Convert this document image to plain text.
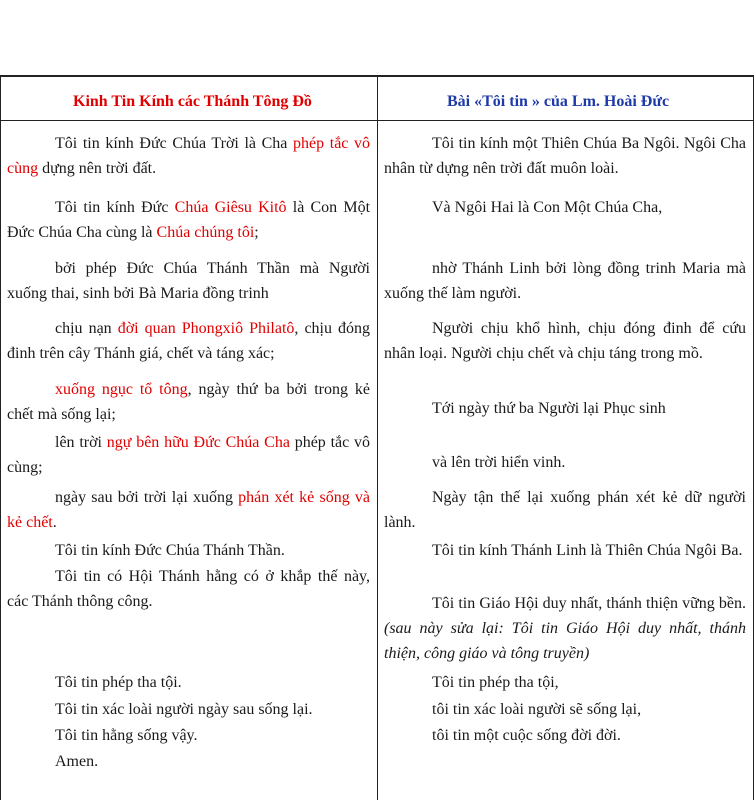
Kinh Tin Kính các Thánh Tông Đồ	Bài «Tôi tin » của Lm. Hoài Đức

Tôi tin kính Đức Chúa Trời là Cha phép tắc vô cùng dựng nên trời đất.

Tôi tin kính Đức Chúa Giêsu Kitô là Con Một Đức Chúa Cha cùng là Chúa chúng tôi;

bởi phép Đức Chúa Thánh Thần mà Người xuống thai, sinh bởi Bà Maria đồng trinh

chịu nạn đời quan Phongxiô Philatô, chịu đóng đinh trên cây Thánh giá, chết và táng xác;

xuống ngục tổ tông, ngày thứ ba bởi trong kẻ chết mà sống lại;

lên trời ngự bên hữu Đức Chúa Cha phép tắc vô cùng;

ngày sau bởi trời lại xuống phán xét kẻ sống và kẻ chết.

Tôi tin kính Đức Chúa Thánh Thần.

Tôi tin có Hội Thánh hằng có ở khắp thế này, các Thánh thông công.

Tôi tin phép tha tội.

Tôi tin xác loài người ngày sau sống lại.

Tôi tin hằng sống vậy.

Amen.

Tôi tin kính một Thiên Chúa Ba Ngôi. Ngôi Cha nhân từ dựng nên trời đất muôn loài.

Và Ngôi Hai là Con Một Chúa Cha,

nhờ Thánh Linh bởi lòng đồng trinh Maria mà xuống thế làm người.

Người chịu khổ hình, chịu đóng đinh để cứu nhân loại. Người chịu chết và chịu táng trong mồ.

Tới ngày thứ ba Người lại Phục sinh

và lên trời hiển vinh.

Ngày tận thế lại xuống phán xét kẻ dữ người lành.

Tôi tin kính Thánh Linh là Thiên Chúa Ngôi Ba.

Tôi tin Giáo Hội duy nhất, thánh thiện vững bền. (sau này sửa lại: Tôi tin Giáo Hội duy nhất, thánh thiện, công giáo và tông truyền)

Tôi tin phép tha tội,

tôi tin xác loài người sẽ sống lại,

tôi tin một cuộc sống đời đời.
